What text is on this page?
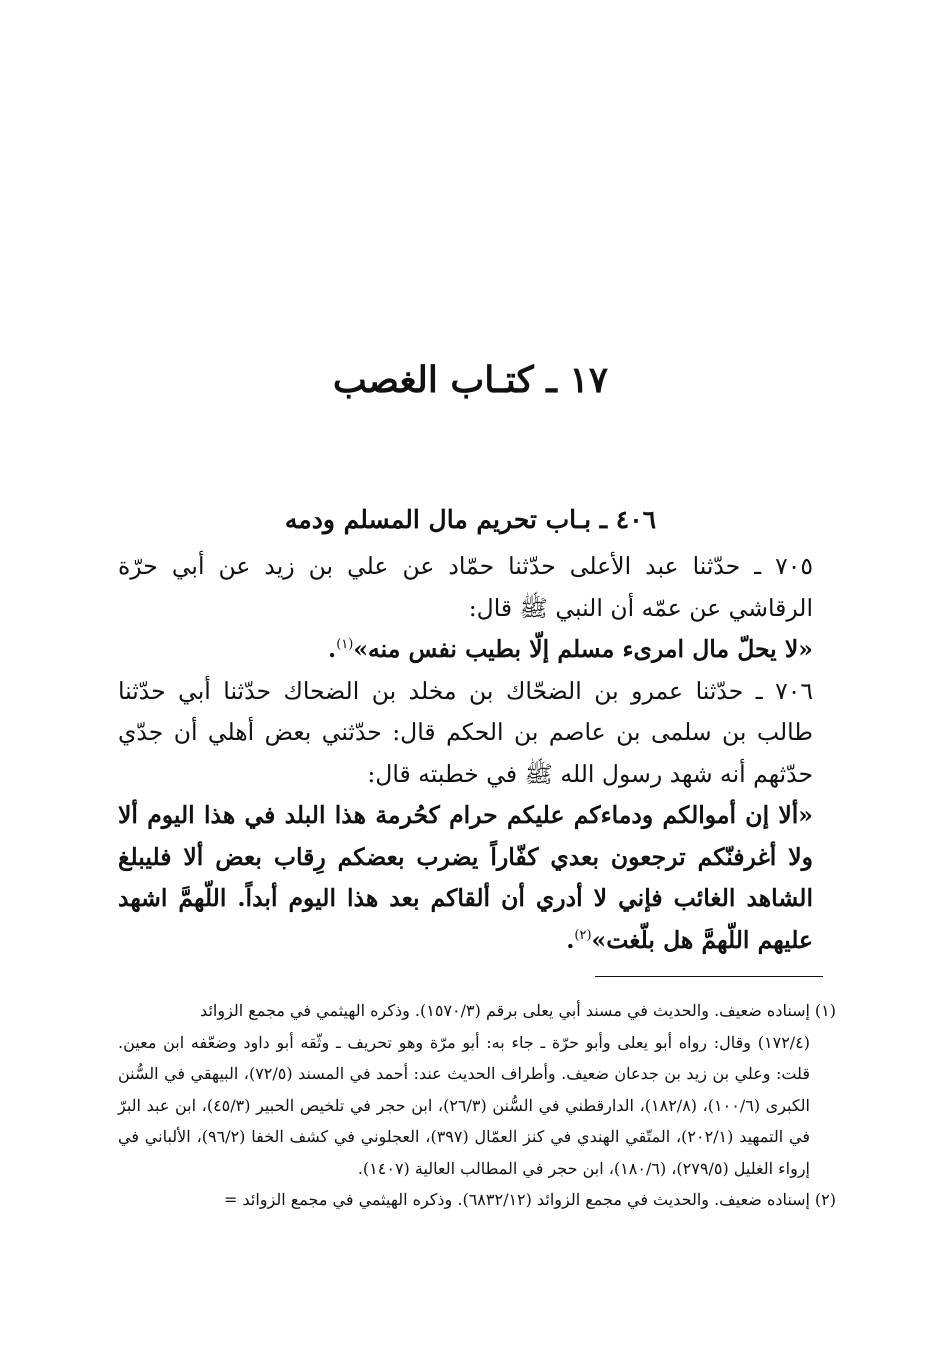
١٧ ـ كتـاب الغصب
٤٠٦ ـ بـاب تحريم مال المسلم ودمه

٧٠٥ ـ حدّثنا عبد الأعلى حدّثنا حمّاد عن علي بن زيد عن أبي حرّة الرقاشي عن عمّه أن النبي ﷺ قال:

«لا يحلّ مال امرىء مسلم إلّا بطيب نفس منه»$^{(١)}$.

٧٠٦ ـ حدّثنا عمرو بن الضحّاك بن مخلد بن الضحاك حدّثنا أبي حدّثنا طالب بن سلمى بن عاصم بن الحكم قال: حدّثني بعض أهلي أن جدّي حدّثهم أنه شهد رسول الله ﷺ في خطبته قال:

«ألا إن أموالكم ودماءكم عليكم حرام كحُرمة هذا البلد في هذا اليوم ألا ولا أغرفنّكم ترجعون بعدي كفّاراً يضرب بعضكم رِقاب بعض ألا فليبلغ الشاهد الغائب فإني لا أدري أن ألقاكم بعد هذا اليوم أبداً. اللّهمَّ اشهد عليهم اللّهمَّ هل بلّغت»$^{(٢)}$.

(١)إسناده ضعيف. والحديث في مسند أبي يعلى برقم (١٥٧٠/٣). وذكره الهيثمي في مجمع الزوائد

(١٧٢/٤) وقال: رواه أبو يعلى وأبو حرّة ـ جاء به: أبو مرّة وهو تحريف ـ وثّقه أبو داود وضعّفه ابن معين. قلت: وعلي بن زيد بن جدعان ضعيف. وأطراف الحديث عند: أحمد في المسند (٧٢/٥)، البيهقي في السُّنن الكبرى (١٠٠/٦)، (١٨٢/٨)، الدارقطني في السُّنن (٢٦/٣)، ابن حجر في تلخيص الحبير (٤٥/٣)، ابن عبد البرّ في التمهيد (٢٠٢/١)، المتّقي الهندي في كنز العمّال (٣٩٧)، العجلوني في كشف الخفا (٩٦/٢)، الألباني في إرواء الغليل (٢٧٩/٥)، (١٨٠/٦)، ابن حجر في المطالب العالية (١٤٠٧).

(٢)إسناده ضعيف. والحديث في مجمع الزوائد (٦٨٣٢/١٢). وذكره الهيثمي في مجمع الزوائد =
